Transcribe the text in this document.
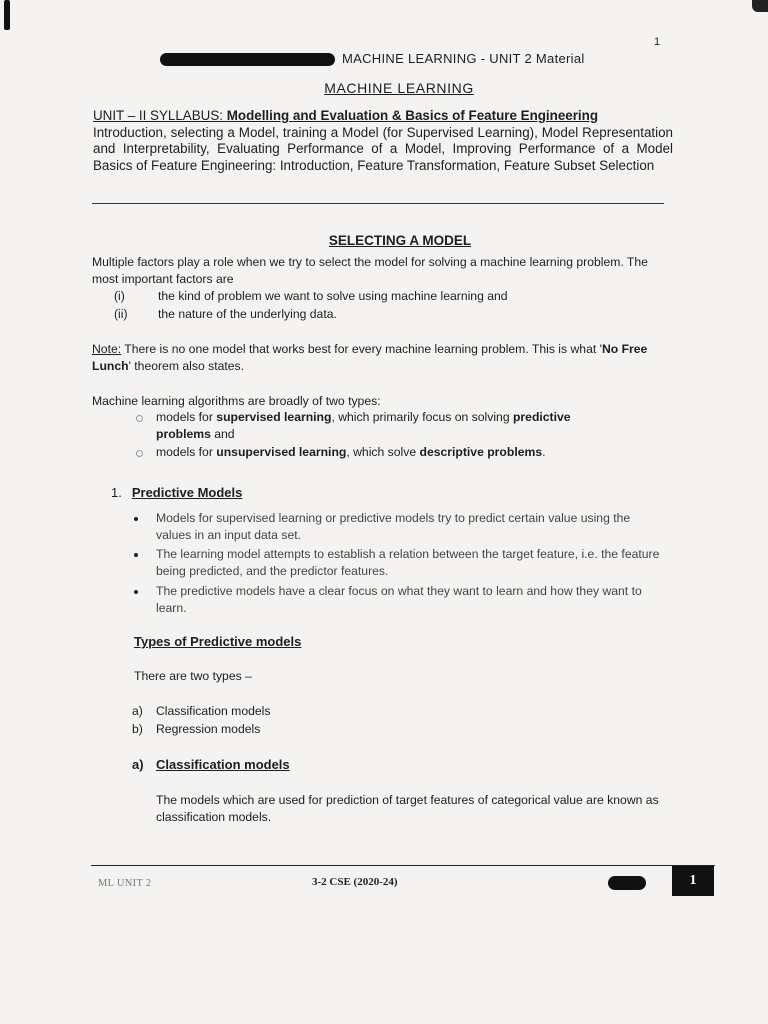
1
MACHINE LEARNING - UNIT 2 Material
MACHINE LEARNING
UNIT – II SYLLABUS: Modelling and Evaluation & Basics of Feature Engineering
Introduction, selecting a Model, training a Model (for Supervised Learning), Model Representation and Interpretability, Evaluating Performance of a Model, Improving Performance of a Model Basics of Feature Engineering: Introduction, Feature Transformation, Feature Subset Selection
SELECTING A MODEL
Multiple factors play a role when we try to select the model for solving a machine learning problem. The most important factors are
(i)	the kind of problem we want to solve using machine learning and
(ii)	the nature of the underlying data.
Note: There is no one model that works best for every machine learning problem. This is what 'No Free Lunch' theorem also states.
Machine learning algorithms are broadly of two types:
models for supervised learning, which primarily focus on solving predictive problems and
models for unsupervised learning, which solve descriptive problems.
1. Predictive Models
Models for supervised learning or predictive models try to predict certain value using the values in an input data set.
The learning model attempts to establish a relation between the target feature, i.e. the feature being predicted, and the predictor features.
The predictive models have a clear focus on what they want to learn and how they want to learn.
Types of Predictive models
There are two types –
a) Classification models
b) Regression models
a) Classification models
The models which are used for prediction of target features of categorical value are known as classification models.
ML UNIT 2	3-2 CSE (2020-24)	1
